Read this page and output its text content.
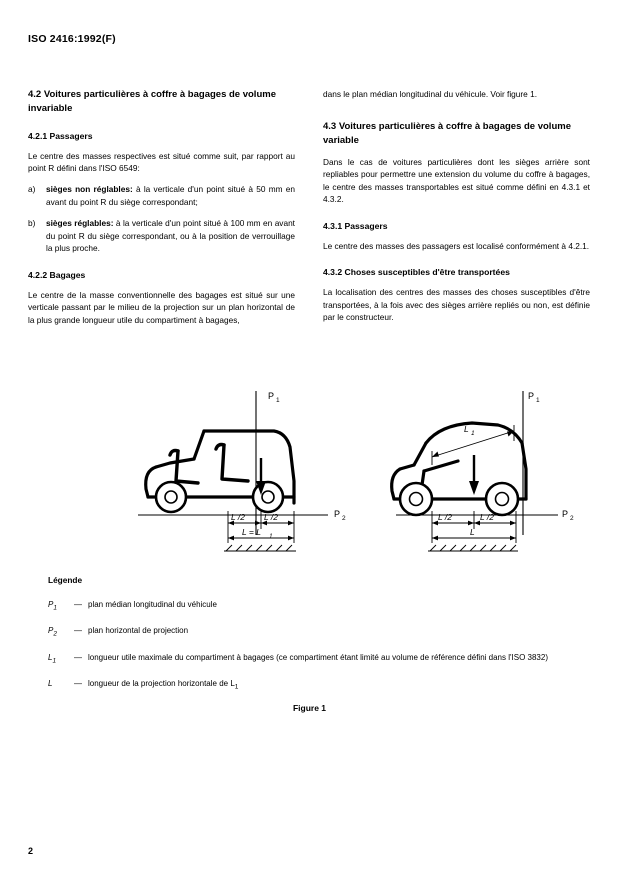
ISO 2416:1992(F)
4.2 Voitures particulières à coffre à bagages de volume invariable
4.2.1 Passagers

Le centre des masses respectives est situé comme suit, par rapport au point R défini dans l'ISO 6549:

a) sièges non réglables: à la verticale d'un point situé à 50 mm en avant du point R du siège correspondant;
b) sièges réglables: à la verticale d'un point situé à 100 mm en avant du point R du siège correspondant, ou à la position de verrouillage la plus proche.
4.2.2 Bagages

Le centre de la masse conventionnelle des bagages est situé sur une verticale passant par le milieu de la projection sur un plan horizontal de la plus grande longueur utile du compartiment à bagages,

dans le plan médian longitudinal du véhicule. Voir figure 1.

4.3 Voitures particulières à coffre à bagages de volume variable

Dans le cas de voitures particulières dont les sièges arrière sont repliables pour permettre une extension du volume du coffre à bagages, le centre des masses transportables est situé comme défini en 4.3.1 et 4.3.2.

4.3.1 Passagers

Le centre des masses des passagers est localisé conformément à 4.2.1.

4.3.2 Choses susceptibles d'être transportées

La localisation des centres des masses des choses susceptibles d'être transportées, à la fois avec des sièges arrière repliés ou non, est définie par le constructeur.

P 1
P 2
L /2 L /2
L = L 1
P 1
P 2
L 1
L /2	L /2
L
Légende
$P_1$	— plan médian longitudinal du véhicule
$P_2$	— plan horizontal de projection
$L_1$	— longueur utile maximale du compartiment à bagages (ce compartiment étant limité au volume de référence défini dans l'ISO 3832)
L	— longueur de la projection horizontale de $L_1$
Figure 1
2
